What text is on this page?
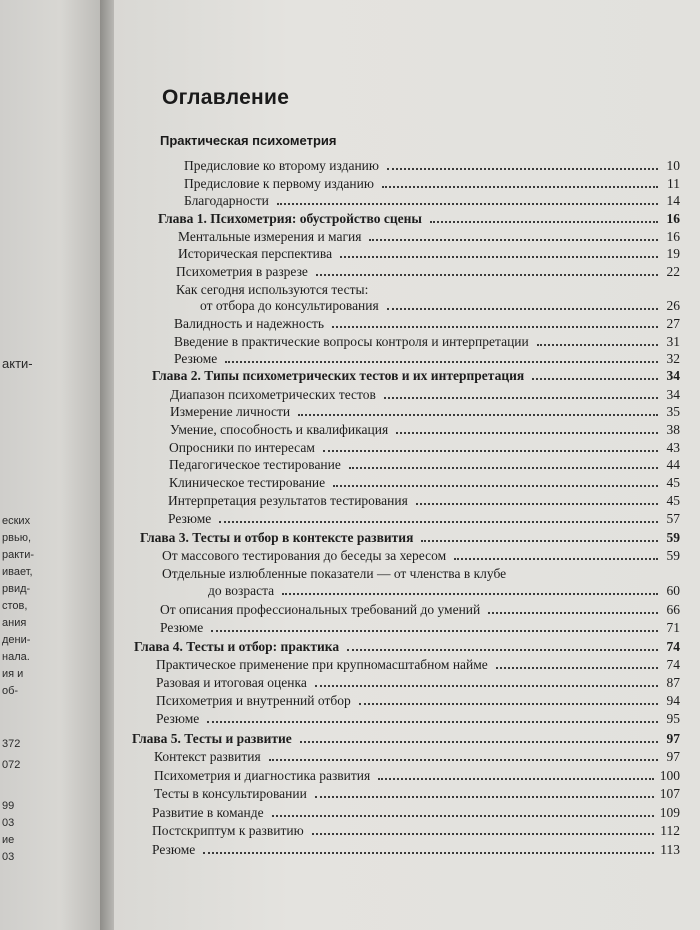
акти-
еских
рвью,
ракти-
ивает,
рвид-
стов,
ания
дени-
нала.
ия и
об-
372
072
99
03
ие
03
Оглавление
Практическая психометрия
Предисловие ко второму изданию	10
Предисловие к первому изданию	11
Благодарности	14
Глава 1. Психометрия: обустройство сцены	16
Ментальные измерения и магия	16
Историческая перспектива	19
Психометрия в разрезе	22
Как сегодня используются тесты:
от отбора до консультирования	26
Валидность и надежность	27
Введение в практические вопросы контроля и интерпретации	31
Резюме	32
Глава 2. Типы психометрических тестов и их интерпретация	34
Диапазон психометрических тестов	34
Измерение личности	35
Умение, способность и квалификация	38
Опросники по интересам	43
Педагогическое тестирование	44
Клиническое тестирование	45
Интерпретация результатов тестирования	45
Резюме	57
Глава 3. Тесты и отбор в контексте развития	59
От массового тестирования до беседы за хересом	59
Отдельные излюбленные показатели — от членства в клубе
до возраста	60
От описания профессиональных требований до умений	66
Резюме	71
Глава 4. Тесты и отбор: практика	74
Практическое применение при крупномасштабном найме	74
Разовая и итоговая оценка	87
Психометрия и внутренний отбор	94
Резюме	95
Глава 5. Тесты и развитие	97
Контекст развития	97
Психометрия и диагностика развития	100
Тесты в консультировании	107
Развитие в команде	109
Постскриптум к развитию	112
Резюме	113
